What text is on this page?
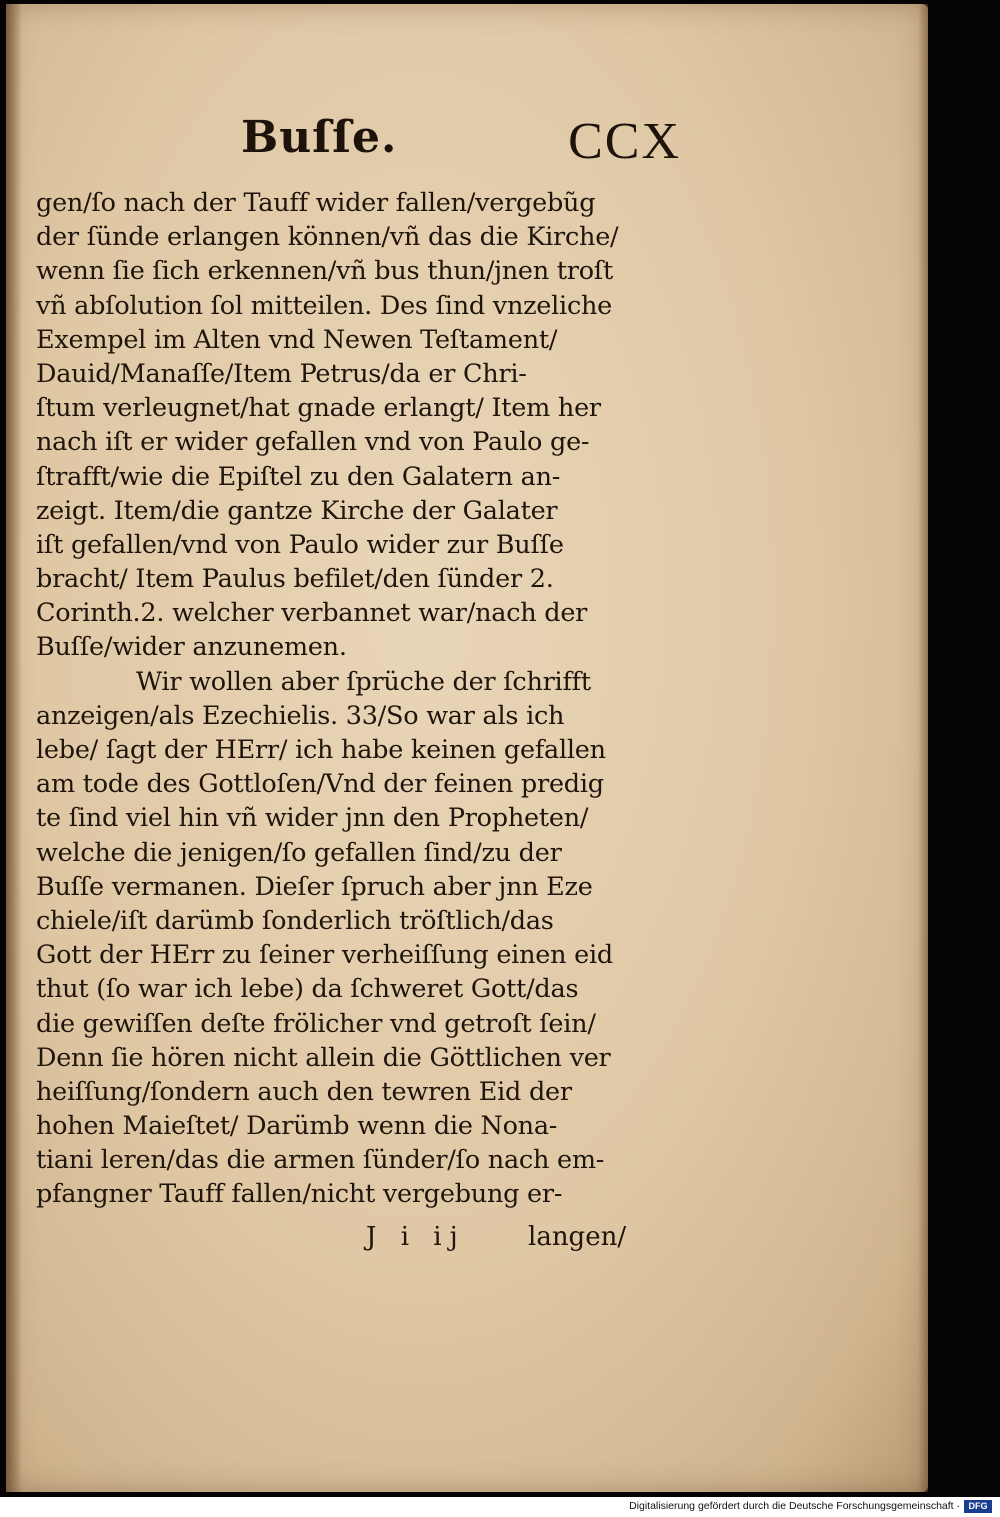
Buſſe.	CCX
gen/ſo nach der Tauff wider fallen/vergebũg
der ſünde erlangen können/vñ das die Kirche/
wenn ſie ſich erkennen/vñ bus thun/jnen troſt
vñ abſolution ſol mitteilen. Des ſind vnzeliche
Exempel im Alten vnd Newen Teſtament/
Dauid/Manaſſe/Item Petrus/da er Chri-
ſtum verleugnet/hat gnade erlangt/ Item her
nach iſt er wider gefallen vnd von Paulo ge-
ſtrafft/wie die Epiſtel zu den Galatern an-
zeigt. Item/die gantze Kirche der Galater
iſt gefallen/vnd von Paulo wider zur Buſſe
bracht/ Item Paulus befilet/den ſünder 2.
Corinth.2. welcher verbannet war/nach der
Buſſe/wider anzunemen.
Wir wollen aber ſprüche der ſchrifft
anzeigen/als Ezechielis. 33/So war als ich
lebe/ ſagt der HErr/ ich habe keinen gefallen
am tode des Gottloſen/Vnd der feinen predig
te ſind viel hin vñ wider jnn den Propheten/
welche die jenigen/ſo gefallen ſind/zu der
Buſſe vermanen. Dieſer ſpruch aber jnn Eze
chiele/iſt darümb ſonderlich tröſtlich/das
Gott der HErr zu ſeiner verheiſſung einen eid
thut (ſo war ich lebe) da ſchweret Gott/das
die gewiſſen deſte frölicher vnd getroſt ſein/
Denn ſie hören nicht allein die Göttlichen ver
heiſſung/ſondern auch den tewren Eid der
hohen Maieſtet/ Darümb wenn die Nona-
tiani leren/das die armen ſünder/ſo nach em-
pfangner Tauff fallen/nicht vergebung er-
J i ij langen/
Digitalisierung gefördert durch die Deutsche Forschungsgemeinschaft · DFG
